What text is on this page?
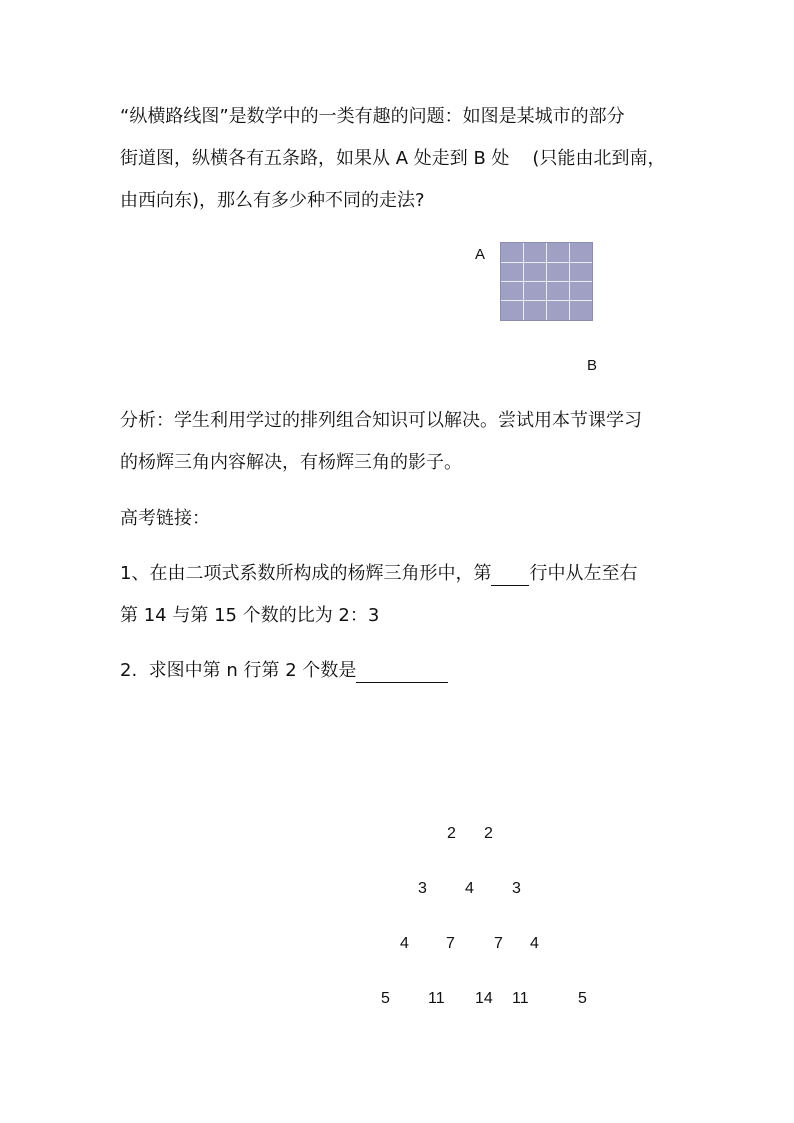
“纵横路线图”是数学中的一类有趣的问题：如图是某城市的部分
街道图，纵横各有五条路，如果从 A 处走到 B 处    (只能由北到南，
由西向东)，那么有多少种不同的走法?
A
B
分析：学生利用学过的排列组合知识可以解决。尝试用本节课学习
的杨辉三角内容解决，有杨辉三角的影子。
高考链接：
1、在由二项式系数所构成的杨辉三角形中，第 行中从左至右
第 14 与第 15 个数的比为 2：3
2.  求图中第 n 行第 2 个数是
2 2
3 4 3
4 7 7 4
5 11 14 11	5
